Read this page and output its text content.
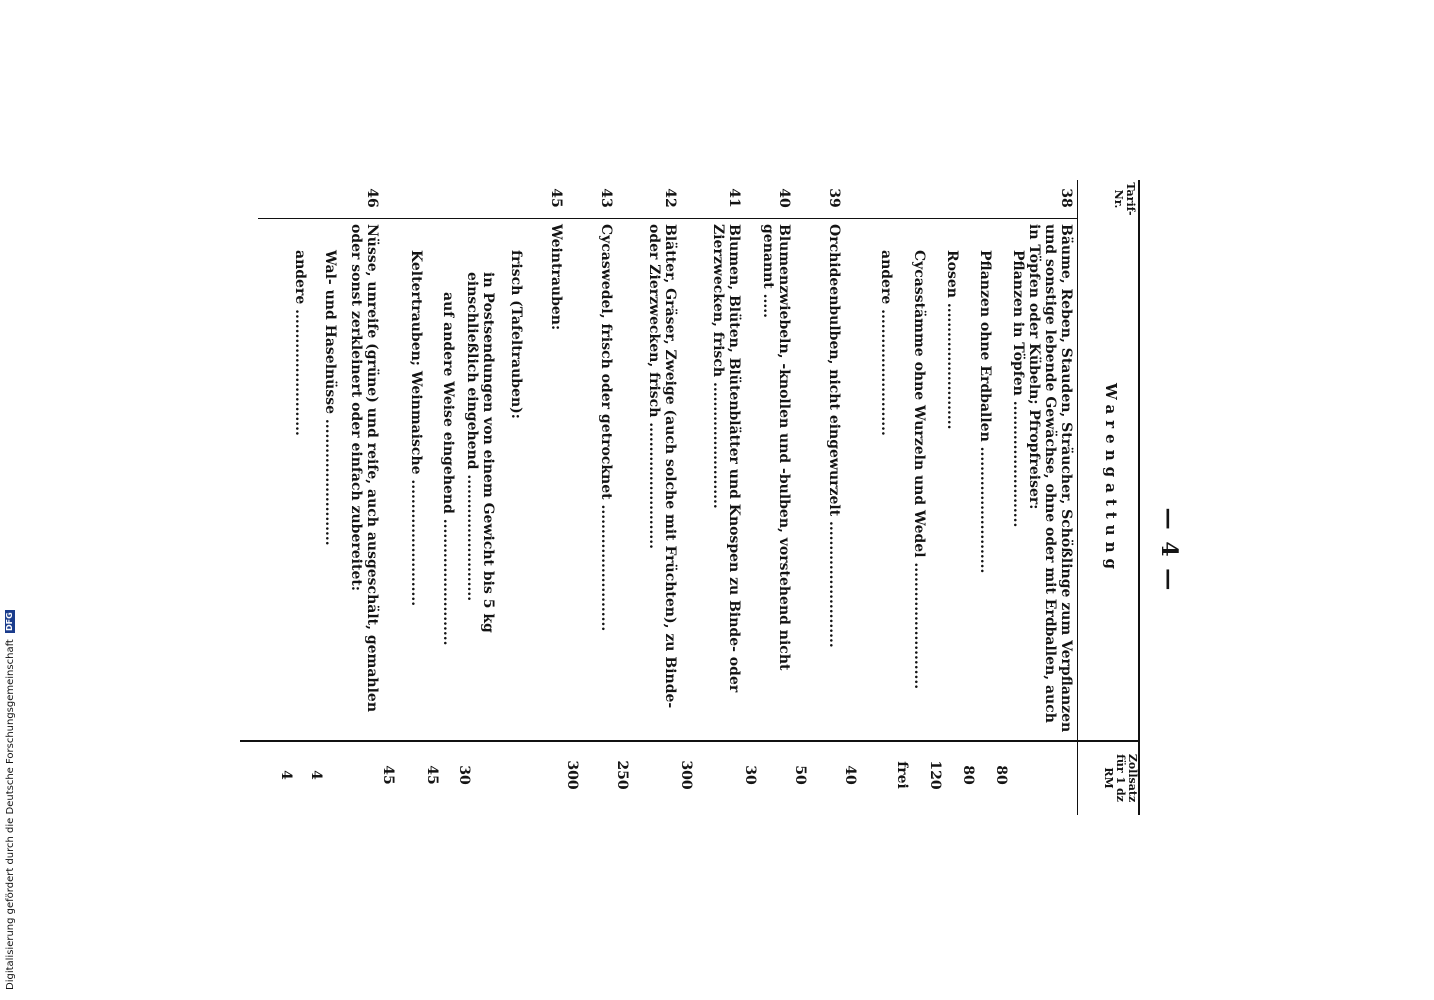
— 4 —
Tarif-Nr.
Warengattung
Zollsatz
für 1 dz
RM
38
Bäume, Reben, Stauden, Sträucher, Schößlinge zum Verpflanzen und sonstige lebende Gewächse, ohne oder mit Erdballen, auch in Töpfen oder Kübeln; Pfropfreiser:
Pflanzen in Töpfen ..........................
80
Pflanzen ohne Erdballen ..........................
80
Rosen ..........................
120
Cycasstämme ohne Wurzeln und Wedel ..........................
frei
andere ..........................
40
39
Orchideenbulben, nicht eingewurzelt ..........................
50
40
Blumenzwiebeln, -knollen und -bulben, vorstehend nicht genannt .....
30
41
Blumen, Blüten, Blütenblätter und Knospen zu Binde- oder Zierzwecken, frisch ..........................
300
42
Blätter, Gräser, Zweige (auch solche mit Früchten), zu Binde- oder Zierzwecken, frisch ..........................
250
43
Cycaswedel, frisch oder getrocknet ..........................
300
45
Weintrauben:
frisch (Tafeltrauben):
in Postsendungen von einem Gewicht bis 5 kg einschließlich eingehend ..........................
30
auf andere Weise eingehend ..........................
45
Keltertrauben; Weinmaische ..........................
45
46
Nüsse, unreife (grüne) und reife, auch ausgeschält, gemahlen oder sonst zerkleinert oder einfach zubereitet:
Wal- und Haselnüsse ..........................
4
andere ..........................
4
Digitalisierung gefördert durch die Deutsche Forschungsgemeinschaft DFG
